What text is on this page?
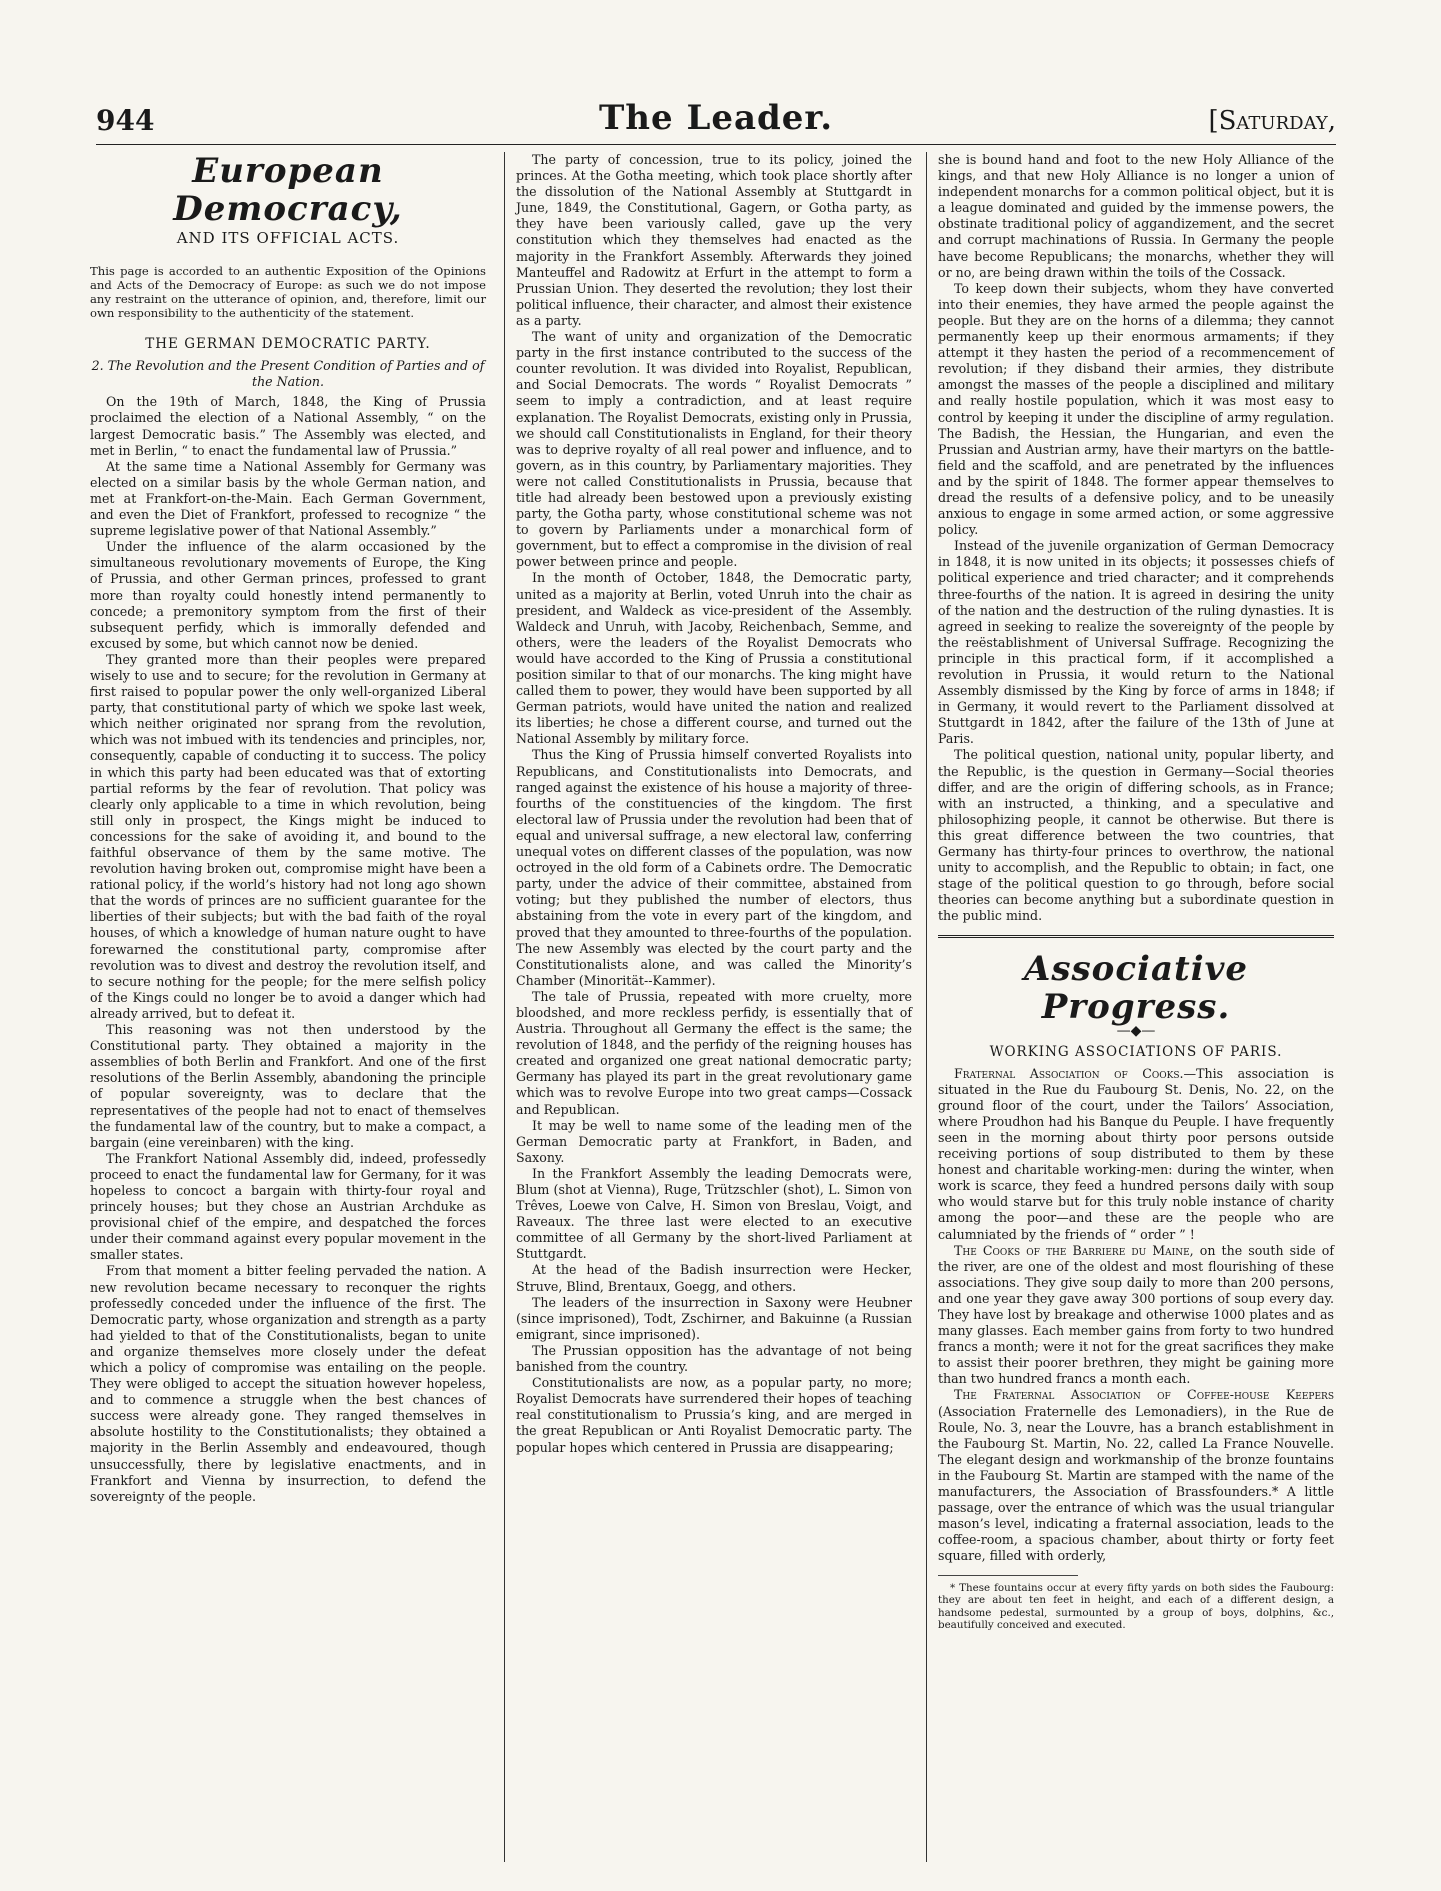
944	The Leader.	[Saturday,
European Democracy,
AND ITS OFFICIAL ACTS.

This page is accorded to an authentic Exposition of the Opinions and Acts of the Democracy of Europe: as such we do not impose any restraint on the utterance of opinion, and, therefore, limit our own responsibility to the authenticity of the statement.

THE GERMAN DEMOCRATIC PARTY.

2. The Revolution and the Present Condition of Parties and of the Nation.

On the 19th of March, 1848, the King of Prussia proclaimed the election of a National Assembly, “ on the largest Democratic basis.” The Assembly was elected, and met in Berlin, “ to enact the fundamental law of Prussia.”

At the same time a National Assembly for Germany was elected on a similar basis by the whole German nation, and met at Frankfort-on-the-Main. Each German Government, and even the Diet of Frankfort, professed to recognize “ the supreme legislative power of that National Assembly.”

Under the influence of the alarm occasioned by the simultaneous revolutionary movements of Europe, the King of Prussia, and other German princes, professed to grant more than royalty could honestly intend permanently to concede; a premonitory symptom from the first of their subsequent perfidy, which is immorally defended and excused by some, but which cannot now be denied.

They granted more than their peoples were prepared wisely to use and to secure; for the revolution in Germany at first raised to popular power the only well-organized Liberal party, that constitutional party of which we spoke last week, which neither originated nor sprang from the revolution, which was not imbued with its tendencies and principles, nor, consequently, capable of conducting it to success. The policy in which this party had been educated was that of extorting partial reforms by the fear of revolution. That policy was clearly only applicable to a time in which revolution, being still only in prospect, the Kings might be induced to concessions for the sake of avoiding it, and bound to the faithful observance of them by the same motive. The revolution having broken out, compromise might have been a rational policy, if the world’s history had not long ago shown that the words of princes are no sufficient guarantee for the liberties of their subjects; but with the bad faith of the royal houses, of which a knowledge of human nature ought to have forewarned the constitutional party, compromise after revolution was to divest and destroy the revolution itself, and to secure nothing for the people; for the mere selfish policy of the Kings could no longer be to avoid a danger which had already arrived, but to defeat it.

This reasoning was not then understood by the Constitutional party. They obtained a majority in the assemblies of both Berlin and Frankfort. And one of the first resolutions of the Berlin Assembly, abandoning the principle of popular sovereignty, was to declare that the representatives of the people had not to enact of themselves the fundamental law of the country, but to make a compact, a bargain (eine vereinbaren) with the king.

The Frankfort National Assembly did, indeed, professedly proceed to enact the fundamental law for Germany, for it was hopeless to concoct a bargain with thirty-four royal and princely houses; but they chose an Austrian Archduke as provisional chief of the empire, and despatched the forces under their command against every popular movement in the smaller states.

From that moment a bitter feeling pervaded the nation. A new revolution became necessary to reconquer the rights professedly conceded under the influence of the first. The Democratic party, whose organization and strength as a party had yielded to that of the Constitutionalists, began to unite and organize themselves more closely under the defeat which a policy of compromise was entailing on the people. They were obliged to accept the situation however hopeless, and to commence a struggle when the best chances of success were already gone. They ranged themselves in absolute hostility to the Constitutionalists; they obtained a majority in the Berlin Assembly and endeavoured, though unsuccessfully, there by legislative enactments, and in Frankfort and Vienna by insurrection, to defend the sovereignty of the people.

The party of concession, true to its policy, joined the princes. At the Gotha meeting, which took place shortly after the dissolution of the National Assembly at Stuttgardt in June, 1849, the Constitutional, Gagern, or Gotha party, as they have been variously called, gave up the very constitution which they themselves had enacted as the majority in the Frankfort Assembly. Afterwards they joined Manteuffel and Radowitz at Erfurt in the attempt to form a Prussian Union. They deserted the revolution; they lost their political influence, their character, and almost their existence as a party.

The want of unity and organization of the Democratic party in the first instance contributed to the success of the counter revolution. It was divided into Royalist, Republican, and Social Democrats. The words “ Royalist Democrats ” seem to imply a contradiction, and at least require explanation. The Royalist Democrats, existing only in Prussia, we should call Constitutionalists in England, for their theory was to deprive royalty of all real power and influence, and to govern, as in this country, by Parliamentary majorities. They were not called Constitutionalists in Prussia, because that title had already been bestowed upon a previously existing party, the Gotha party, whose constitutional scheme was not to govern by Parliaments under a monarchical form of government, but to effect a compromise in the division of real power between prince and people.

In the month of October, 1848, the Democratic party, united as a majority at Berlin, voted Unruh into the chair as president, and Waldeck as vice-president of the Assembly. Waldeck and Unruh, with Jacoby, Reichenbach, Semme, and others, were the leaders of the Royalist Democrats who would have accorded to the King of Prussia a constitutional position similar to that of our monarchs. The king might have called them to power, they would have been supported by all German patriots, would have united the nation and realized its liberties; he chose a different course, and turned out the National Assembly by military force.

Thus the King of Prussia himself converted Royalists into Republicans, and Constitutionalists into Democrats, and ranged against the existence of his house a majority of three-fourths of the constituencies of the kingdom. The first electoral law of Prussia under the revolution had been that of equal and universal suffrage, a new electoral law, conferring unequal votes on different classes of the population, was now octroyed in the old form of a Cabinets ordre. The Democratic party, under the advice of their committee, abstained from voting; but they published the number of electors, thus abstaining from the vote in every part of the kingdom, and proved that they amounted to three-fourths of the population. The new Assembly was elected by the court party and the Constitutionalists alone, and was called the Minority’s Chamber (Minorität--Kammer).

The tale of Prussia, repeated with more cruelty, more bloodshed, and more reckless perfidy, is essentially that of Austria. Throughout all Germany the effect is the same; the revolution of 1848, and the perfidy of the reigning houses has created and organized one great national democratic party; Germany has played its part in the great revolutionary game which was to revolve Europe into two great camps—Cossack and Republican.

It may be well to name some of the leading men of the German Democratic party at Frankfort, in Baden, and Saxony.

In the Frankfort Assembly the leading Democrats were, Blum (shot at Vienna), Ruge, Trützschler (shot), L. Simon von Trêves, Loewe von Calve, H. Simon von Breslau, Voigt, and Raveaux. The three last were elected to an executive committee of all Germany by the short-lived Parliament at Stuttgardt.

At the head of the Badish insurrection were Hecker, Struve, Blind, Brentaux, Goegg, and others.

The leaders of the insurrection in Saxony were Heubner (since imprisoned), Todt, Zschirner, and Bakuinne (a Russian emigrant, since imprisoned).

The Prussian opposition has the advantage of not being banished from the country.

Constitutionalists are now, as a popular party, no more; Royalist Democrats have surrendered their hopes of teaching real constitutionalism to Prussia’s king, and are merged in the great Republican or Anti Royalist Democratic party. The popular hopes which centered in Prussia are disappearing;

she is bound hand and foot to the new Holy Alliance of the kings, and that new Holy Alliance is no longer a union of independent monarchs for a common political object, but it is a league dominated and guided by the immense powers, the obstinate traditional policy of aggandizement, and the secret and corrupt machinations of Russia. In Germany the people have become Republicans; the monarchs, whether they will or no, are being drawn within the toils of the Cossack.

To keep down their subjects, whom they have converted into their enemies, they have armed the people against the people. But they are on the horns of a dilemma; they cannot permanently keep up their enormous armaments; if they attempt it they hasten the period of a recommencement of revolution; if they disband their armies, they distribute amongst the masses of the people a disciplined and military and really hostile population, which it was most easy to control by keeping it under the discipline of army regulation. The Badish, the Hessian, the Hungarian, and even the Prussian and Austrian army, have their martyrs on the battle-field and the scaffold, and are penetrated by the influences and by the spirit of 1848. The former appear themselves to dread the results of a defensive policy, and to be uneasily anxious to engage in some armed action, or some aggressive policy.

Instead of the juvenile organization of German Democracy in 1848, it is now united in its objects; it possesses chiefs of political experience and tried character; and it comprehends three-fourths of the nation. It is agreed in desiring the unity of the nation and the destruction of the ruling dynasties. It is agreed in seeking to realize the sovereignty of the people by the reëstablishment of Universal Suffrage. Recognizing the principle in this practical form, if it accomplished a revolution in Prussia, it would return to the National Assembly dismissed by the King by force of arms in 1848; if in Germany, it would revert to the Parliament dissolved at Stuttgardt in 1842, after the failure of the 13th of June at Paris.

The political question, national unity, popular liberty, and the Republic, is the question in Germany—Social theories differ, and are the origin of differing schools, as in France; with an instructed, a thinking, and a speculative and philosophizing people, it cannot be otherwise. But there is this great difference between the two countries, that Germany has thirty-four princes to overthrow, the national unity to accomplish, and the Republic to obtain; in fact, one stage of the political question to go through, before social theories can become anything but a subordinate question in the public mind.

Associative Progress.
—◆—
WORKING ASSOCIATIONS OF PARIS.

Fraternal Association of Cooks.—This association is situated in the Rue du Faubourg St. Denis, No. 22, on the ground floor of the court, under the Tailors’ Association, where Proudhon had his Banque du Peuple. I have frequently seen in the morning about thirty poor persons outside receiving portions of soup distributed to them by these honest and charitable working-men: during the winter, when work is scarce, they feed a hundred persons daily with soup who would starve but for this truly noble instance of charity among the poor—and these are the people who are calumniated by the friends of “ order ” !

The Cooks of the Barriere du Maine, on the south side of the river, are one of the oldest and most flourishing of these associations. They give soup daily to more than 200 persons, and one year they gave away 300 portions of soup every day. They have lost by breakage and otherwise 1000 plates and as many glasses. Each member gains from forty to two hundred francs a month; were it not for the great sacrifices they make to assist their poorer brethren, they might be gaining more than two hundred francs a month each.

The Fraternal Association of Coffee-house Keepers (Association Fraternelle des Lemonadiers), in the Rue de Roule, No. 3, near the Louvre, has a branch establishment in the Faubourg St. Martin, No. 22, called La France Nouvelle. The elegant design and workmanship of the bronze fountains in the Faubourg St. Martin are stamped with the name of the manufacturers, the Association of Brassfounders.* A little passage, over the entrance of which was the usual triangular mason’s level, indicating a fraternal association, leads to the coffee-room, a spacious chamber, about thirty or forty feet square, filled with orderly,

* These fountains occur at every fifty yards on both sides the Faubourg: they are about ten feet in height, and each of a different design, a handsome pedestal, surmounted by a group of boys, dolphins, &c., beautifully conceived and executed.
